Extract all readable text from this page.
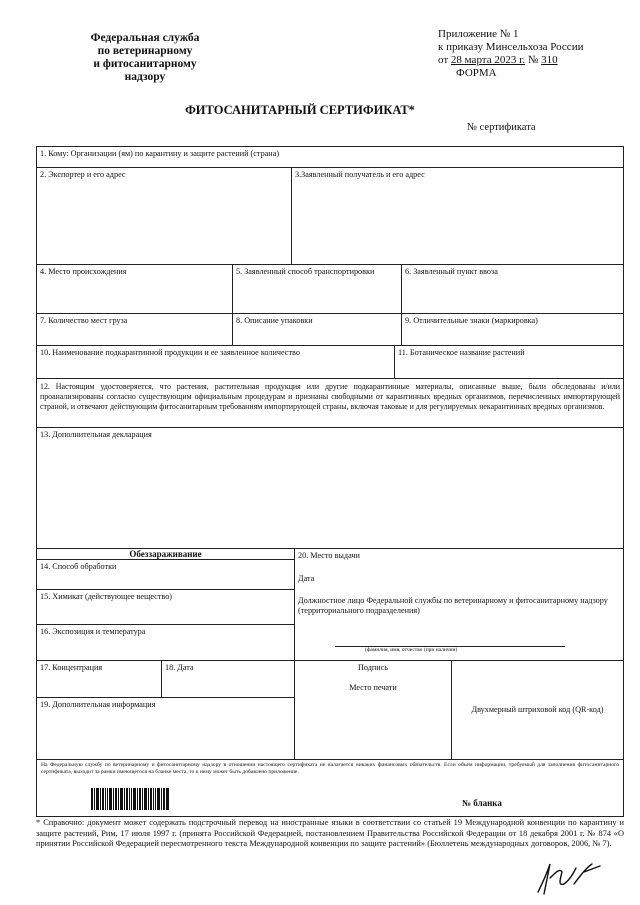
Федеральная служба
по ветеринарному
и фитосанитарному
надзору
Приложение № 1
к приказу Минсельхоза России
от 28 марта 2023 г. № 310
ФОРМА
ФИТОСАНИТАРНЫЙ СЕРТИФИКАТ*
№ сертификата
1. Кому: Организации (ям) по карантину и защите растений (страна)
2. Экспортер и его адрес	3.Заявленный получатель и его адрес
4. Место происхождения	5. Заявленный способ транспортировки	6. Заявленный пункт ввоза
7. Количество мест груза	8. Описание упаковки	9. Отличительные знаки (маркировка)
10. Наименование подкарантинной продукции и ее заявленное количество	11. Ботаническое название растений
12. Настоящим удостоверяется, что растения, растительная продукция или другие подкарантинные материалы, описанные выше, были обследованы и/или проанализированы согласно существующим официальным процедурам и признаны свободными от карантинных вредных организмов, перечисленных импортирующей страной, и отвечают действующим фитосанитарным требованиям импортирующей страны, включая таковые и для регулируемых некарантинных вредных организмов.
13. Дополнительная декларация
Обеззараживание
14. Способ обработки
15. Химикат (действующее вещество)
16. Экспозиция и температура
17. Концентрация	18. Дата
19. Дополнительная информация
20. Место выдачи
Дата
Должностное лицо Федеральной службы по ветеринарному и фитосанитарному надзору (территориального подразделения)
(фамилия, имя, отчество (при наличии)
Подпись
Место печати
Двухмерный штриховой код (QR-код)
На Федеральную службу по ветеринарному и фитосанитарному надзору в отношении настоящего сертификата не налагается никаких финансовых обязательств. Если объем информации, требуемый для заполнения фитосанитарного сертификата, выходит за рамки имеющегося на бланке места, то к нему может быть добавлено приложение.
№ бланка
* Справочно: документ может содержать подстрочный перевод на иностранные языки в соответствии со статьей 19 Международной конвенции по карантину и защите растений, Рим, 17 июля 1997 г. (принята Российской Федерацией, постановлением Правительства Российской Федерации от 18 декабря 2001 г. № 874 «О принятии Российской Федерацией пересмотренного текста Международной конвенции по защите растений» (Бюллетень международных договоров, 2006, № 7).
